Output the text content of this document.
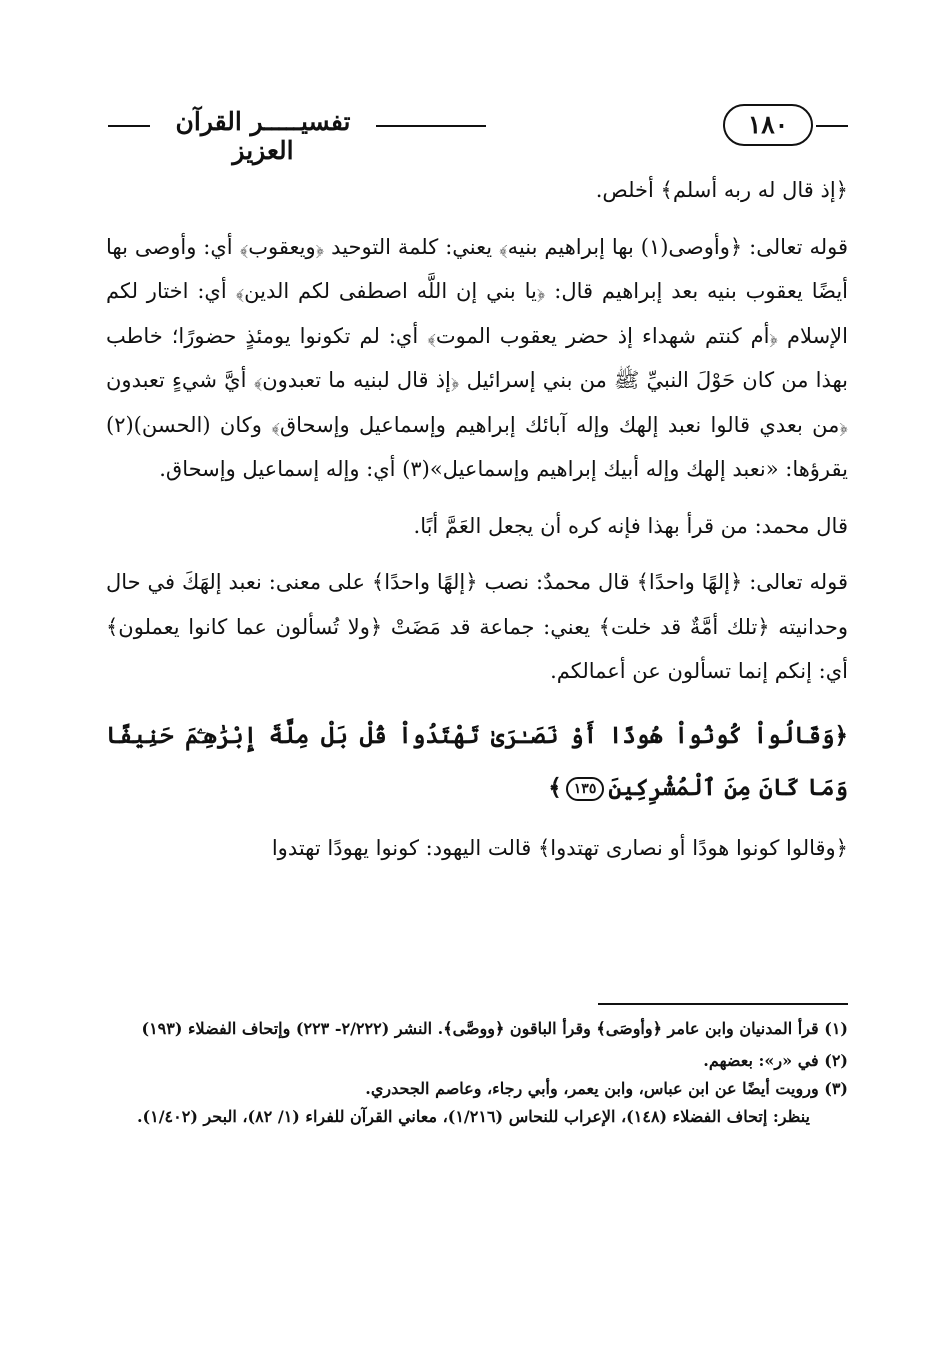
تفسيـــــر القرآن العزيز
١٨٠

﴿إذ قال له ربه أسلم﴾ أخلص.

قوله تعالى: ﴿وأوصى(١) بها إبراهيم بنيه﴾ يعني: كلمة التوحيد ﴿ويعقوب﴾ أي: وأوصى بها أيضًا يعقوب بنيه بعد إبراهيم قال: ﴿يا بني إن اللَّه اصطفى لكم الدين﴾ أي: اختار لكم الإسلام ﴿أم كنتم شهداء إذ حضر يعقوب الموت﴾ أي: لم تكونوا يومئذٍ حضورًا؛ خاطب بهذا من كان حَوْلَ النبيِّ ﷺ من بني إسرائيل ﴿إذ قال لبنيه ما تعبدون﴾ أيَّ شيءٍ تعبدون ﴿من بعدي قالوا نعبد إلهك وإله آبائك إبراهيم وإسماعيل وإسحاق﴾ وكان (الحسن)(٢) يقرؤها: «نعبد إلهك وإله أبيك إبراهيم وإسماعيل»(٣) أي: وإله إسماعيل وإسحاق.

قال محمد: من قرأ بهذا فإنه كره أن يجعل العَمَّ أبًا.

قوله تعالى: ﴿إلهًا واحدًا﴾ قال محمدٌ: نصب ﴿إلهًا واحدًا﴾ على معنى: نعبد إلهَكَ في حال وحدانيته ﴿تلك أمَّةٌ قد خلت﴾ يعني: جماعة قد مَضَتْ ﴿ولا تُسألون عما كانوا يعملون﴾ أي: إنكم إنما تسألون عن أعمالكم.

﴿وَقَالُواْ كُونُواْ هُودًا أَوْ نَصَـٰرَىٰ تَهْتَدُواْ قُلْ بَلْ مِلَّةَ إِبْرَٰهِـۧمَ حَنِيفًا وَمَا كَانَ مِنَ ٱلْمُشْرِكِينَ١٣٥﴾

﴿وقالوا كونوا هودًا أو نصارى تهتدوا﴾ قالت اليهود: كونوا يهودًا تهتدوا

(١) قرأ المدنيان وابن عامر ﴿وأوصَى﴾ وقرأ الباقون ﴿ووصَّى﴾. النشر (٢/٢٢٢- ٢٢٣) وإتحاف الفضلاء (١٩٣)

(٢) في «ر»: بعضهم.

(٣) ورويت أيضًا عن ابن عباس، وابن يعمر، وأبي رجاء، وعاصم الجحدري.

ينظر: إتحاف الفضلاء (١٤٨)، الإعراب للنحاس (١/٢١٦)، معاني القرآن للفراء (١/ ٨٢)، البحر (١/٤٠٢).
